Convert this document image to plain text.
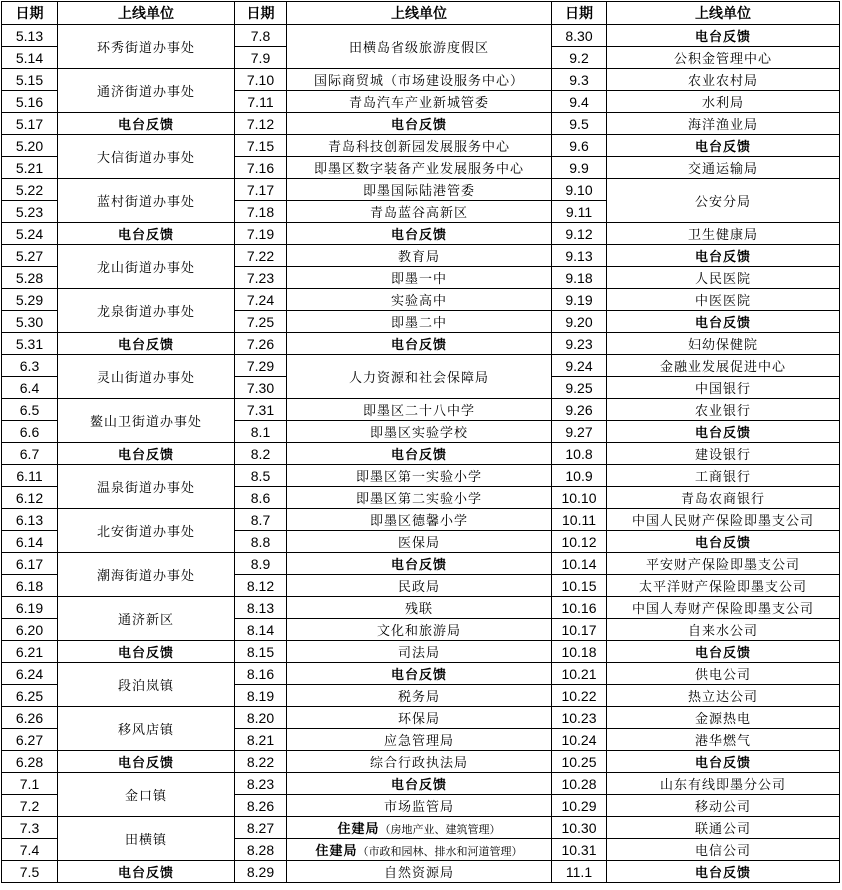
日期	上线单位	日期	上线单位	日期	上线单位
5.13	环秀街道办事处	7.8	田横岛省级旅游度假区	8.30	电台反馈
5.14		7.9		9.2	公积金管理中心
5.15	通济街道办事处	7.10	国际商贸城（市场建设服务中心）	9.3	农业农村局
5.16		7.11	青岛汽车产业新城管委	9.4	水利局
5.17	电台反馈	7.12	电台反馈	9.5	海洋渔业局
5.20	大信街道办事处	7.15	青岛科技创新园发展服务中心	9.6	电台反馈
5.21		7.16	即墨区数字装备产业发展服务中心	9.9	交通运输局
5.22	蓝村街道办事处	7.17	即墨国际陆港管委	9.10	公安分局
5.23		7.18	青岛蓝谷高新区	9.11	
5.24	电台反馈	7.19	电台反馈	9.12	卫生健康局
5.27	龙山街道办事处	7.22	教育局	9.13	电台反馈
5.28		7.23	即墨一中	9.18	人民医院
5.29	龙泉街道办事处	7.24	实验高中	9.19	中医医院
5.30		7.25	即墨二中	9.20	电台反馈
5.31	电台反馈	7.26	电台反馈	9.23	妇幼保健院
6.3	灵山街道办事处	7.29	人力资源和社会保障局	9.24	金融业发展促进中心
6.4		7.30		9.25	中国银行
6.5	鳌山卫街道办事处	7.31	即墨区二十八中学	9.26	农业银行
6.6		8.1	即墨区实验学校	9.27	电台反馈
6.7	电台反馈	8.2	电台反馈	10.8	建设银行
6.11	温泉街道办事处	8.5	即墨区第一实验小学	10.9	工商银行
6.12		8.6	即墨区第二实验小学	10.10	青岛农商银行
6.13	北安街道办事处	8.7	即墨区德馨小学	10.11	中国人民财产保险即墨支公司
6.14		8.8	医保局	10.12	电台反馈
6.17	潮海街道办事处	8.9	电台反馈	10.14	平安财产保险即墨支公司
6.18		8.12	民政局	10.15	太平洋财产保险即墨支公司
6.19	通济新区	8.13	残联	10.16	中国人寿财产保险即墨支公司
6.20		8.14	文化和旅游局	10.17	自来水公司
6.21	电台反馈	8.15	司法局	10.18	电台反馈
6.24	段泊岚镇	8.16	电台反馈	10.21	供电公司
6.25		8.19	税务局	10.22	热立达公司
6.26	移风店镇	8.20	环保局	10.23	金源热电
6.27		8.21	应急管理局	10.24	港华燃气
6.28	电台反馈	8.22	综合行政执法局	10.25	电台反馈
7.1	金口镇	8.23	电台反馈	10.28	山东有线即墨分公司
7.2		8.26	市场监管局	10.29	移动公司
7.3	田横镇	8.27	住建局（房地产业、建筑管理）	10.30	联通公司
7.4		8.28	住建局（市政和园林、排水和河道管理）	10.31	电信公司
7.5	电台反馈	8.29	自然资源局	11.1	电台反馈
